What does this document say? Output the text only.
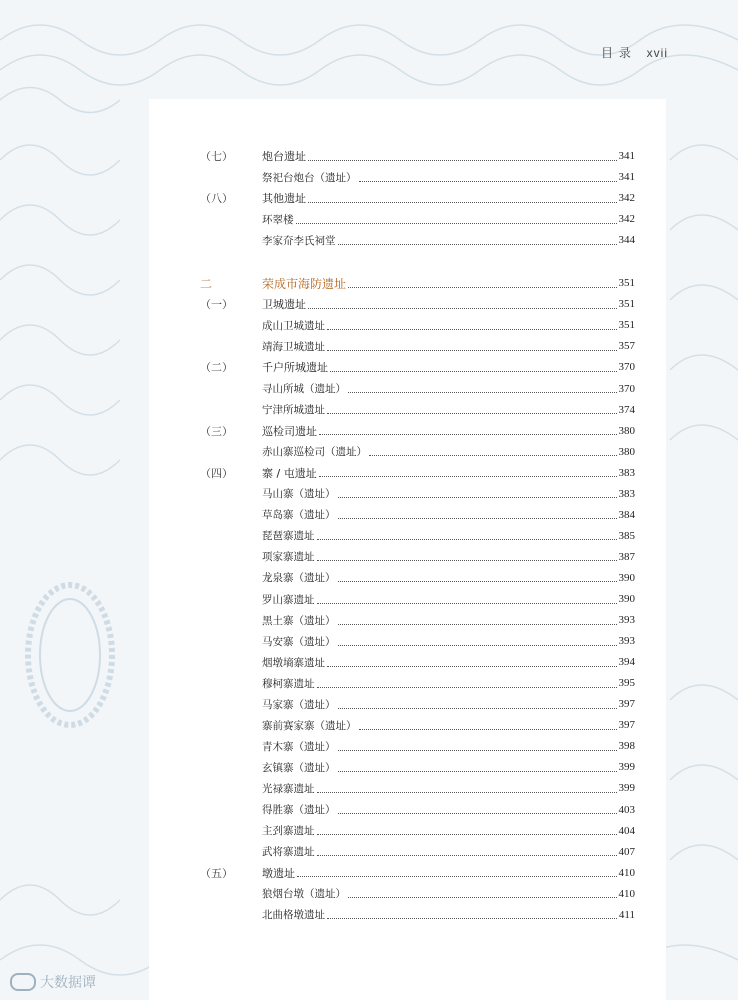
目 录 xvii
（七）	炮台遗址	341
祭祀台炮台（遗址）	341
（八）	其他遗址	342
环翠楼	342
李家夼李氏祠堂	344
二	荣成市海防遗址	351
（一）	卫城遗址	351
成山卫城遗址	351
靖海卫城遗址	357
（二）	千户所城遗址	370
寻山所城（遗址）	370
宁津所城遗址	374
（三）	巡检司遗址	380
赤山寨巡检司（遗址）	380
（四）	寨 / 屯遗址	383
马山寨（遗址）	383
草岛寨（遗址）	384
琵琶寨遗址	385
项家寨遗址	387
龙泉寨（遗址）	390
罗山寨遗址	390
黑土寨（遗址）	393
马安寨（遗址）	393
烟墩墒寨遗址	394
穆柯寨遗址	395
马家寨（遗址）	397
寨前赛家寨（遗址）	397
青木寨（遗址）	398
玄镇寨（遗址）	399
光禄寨遗址	399
得胜寨（遗址）	403
主刭寨遗址	404
武将寨遗址	407
（五）	墩遗址	410
狼烟台墩（遗址）	410
北曲格墩遗址	411
大数据谭
